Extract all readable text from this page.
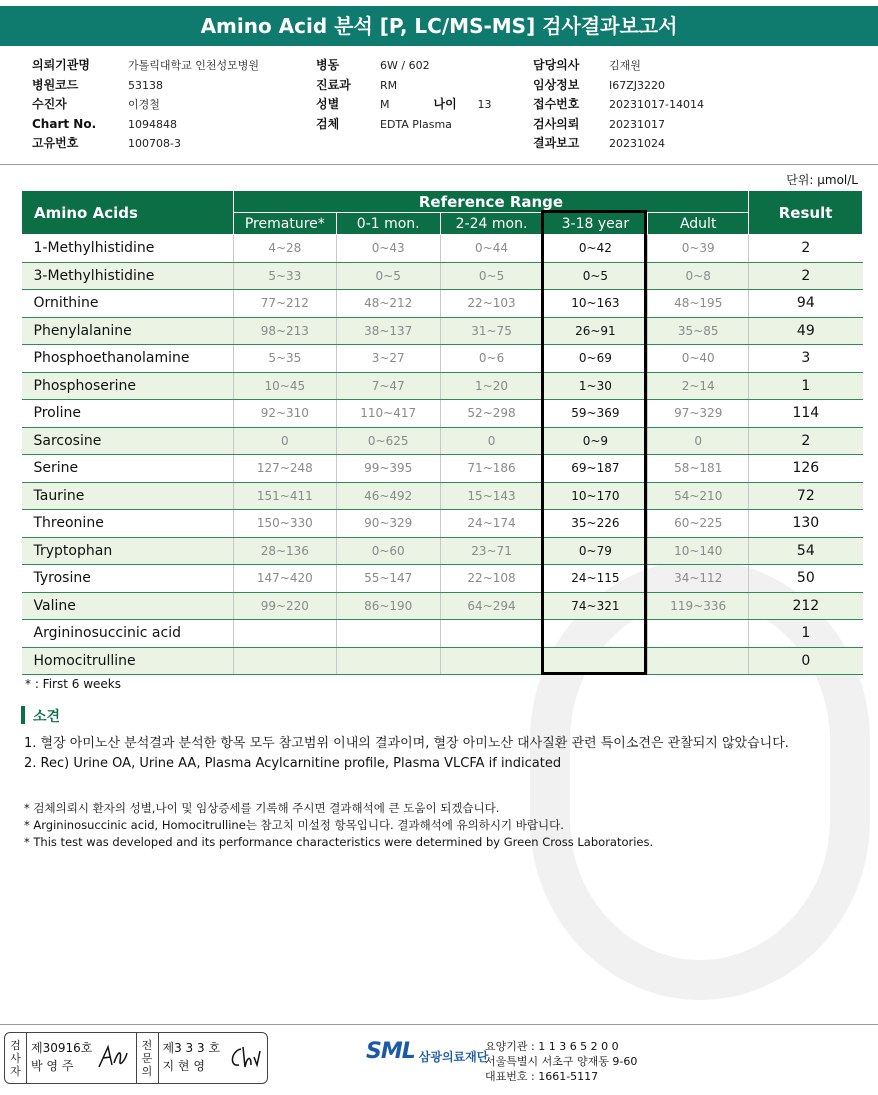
Amino Acid 분석 [P, LC/MS-MS] 검사결과보고서
의뢰기관명	가톨릭대학교 인천성모병원
병원코드	53138
수진자	이경철
Chart No.	1094848
고유번호	100708-3
병동	6W / 602
진료과	RM
성별	M	나이	13
검체	EDTA Plasma
담당의사	김재원
임상정보	I67ZJ3220
접수번호	20231017-14014
검사의뢰	20231017
결과보고	20231024
단위: μmol/L
Amino Acids	Reference Range					Result
	Premature*	0-1 mon.	2-24 mon.	3-18 year	Adult	
1-Methylhistidine	4~28	0~43	0~44	0~42	0~39	2
3-Methylhistidine	5~33	0~5	0~5	0~5	0~8	2
Ornithine	77~212	48~212	22~103	10~163	48~195	94
Phenylalanine	98~213	38~137	31~75	26~91	35~85	49
Phosphoethanolamine	5~35	3~27	0~6	0~69	0~40	3
Phosphoserine	10~45	7~47	1~20	1~30	2~14	1
Proline	92~310	110~417	52~298	59~369	97~329	114
Sarcosine	0	0~625	0	0~9	0	2
Serine	127~248	99~395	71~186	69~187	58~181	126
Taurine	151~411	46~492	15~143	10~170	54~210	72
Threonine	150~330	90~329	24~174	35~226	60~225	130
Tryptophan	28~136	0~60	23~71	0~79	10~140	54
Tyrosine	147~420	55~147	22~108	24~115	34~112	50
Valine	99~220	86~190	64~294	74~321	119~336	212
Argininosuccinic acid						1
Homocitrulline						0
* : First 6 weeks
소견
1. 혈장 아미노산 분석결과 분석한 항목 모두 참고범위 이내의 결과이며, 혈장 아미노산 대사질환 관련 특이소견은 관찰되지 않았습니다.
2. Rec) Urine OA, Urine AA, Plasma Acylcarnitine profile, Plasma VLCFA if indicated
* 검체의뢰시 환자의 성별,나이 및 임상증세를 기록해 주시면 결과해석에 큰 도움이 되겠습니다.
* Argininosuccinic acid, Homocitrulline는 참고치 미설정 항목입니다. 결과해석에 유의하시기 바랍니다.
* This test was developed and its performance characteristics were determined by Green Cross Laboratories.
검
사
자
제30916호
박 영 주
전
문
의
제3 3 3 호
지 현 영
SML 삼광의료재단
요양기관 : 1 1 3 6 5 2 0 0
서울특별시 서초구 양재동 9-60
대표번호 : 1661-5117
